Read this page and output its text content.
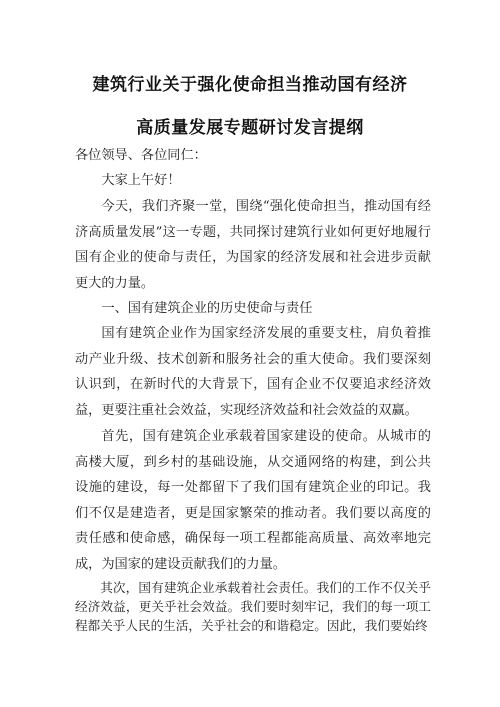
建筑行业关于强化使命担当推动国有经济
高质量发展专题研讨发言提纲
各位领导、各位同仁：
大家上午好！
今天，我们齐聚一堂，围绕“强化使命担当，推动国有经济高质量发展”这一专题，共同探讨建筑行业如何更好地履行国有企业的使命与责任，为国家的经济发展和社会进步贡献更大的力量。
一、国有建筑企业的历史使命与责任
国有建筑企业作为国家经济发展的重要支柱，肩负着推动产业升级、技术创新和服务社会的重大使命。我们要深刻认识到，在新时代的大背景下，国有企业不仅要追求经济效益，更要注重社会效益，实现经济效益和社会效益的双赢。
首先，国有建筑企业承载着国家建设的使命。从城市的高楼大厦，到乡村的基础设施，从交通网络的构建，到公共设施的建设，每一处都留下了我们国有建筑企业的印记。我们不仅是建造者，更是国家繁荣的推动者。我们要以高度的责任感和使命感，确保每一项工程都能高质量、高效率地完成，为国家的建设贡献我们的力量。
其次，国有建筑企业承载着社会责任。我们的工作不仅关乎经济效益，更关乎社会效益。我们要时刻牢记，我们的每一项工程都关乎人民的生活，关乎社会的和谐稳定。因此，我们要始终
